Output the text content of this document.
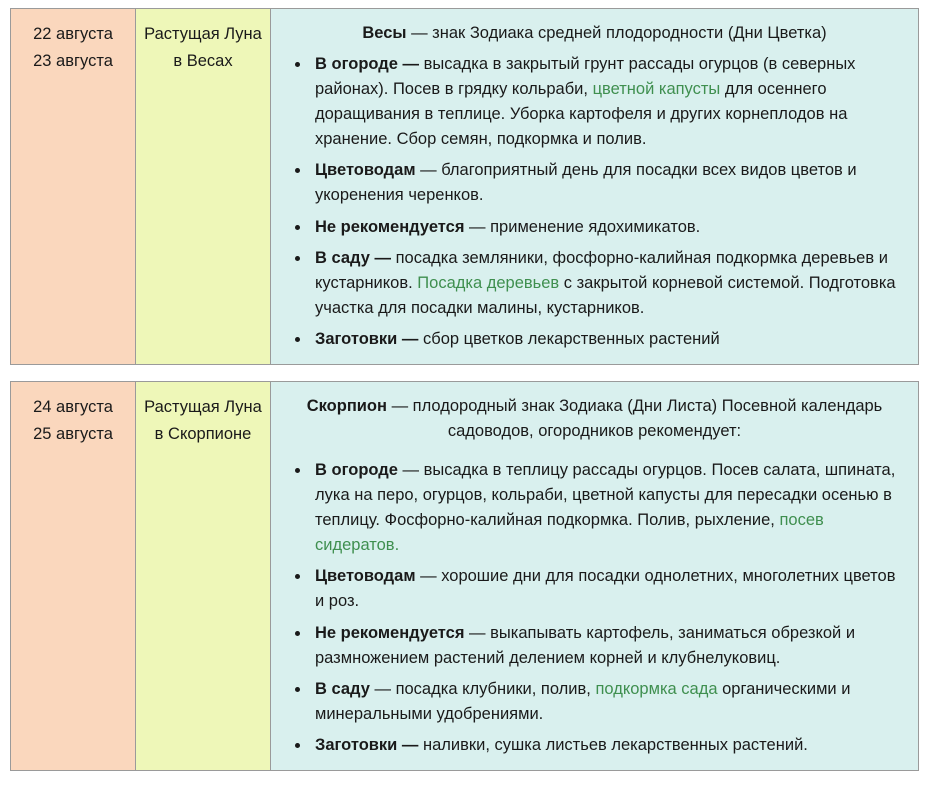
22 августа
23 августа
Растущая Луна
в Весах

Весы — знак Зодиака средней плодородности (Дни Цветка)

• В огороде — высадка в закрытый грунт рассады огурцов (в северных районах). Посев в грядку кольраби, цветной капусты для осеннего доращивания в теплице. Уборка картофеля и других корнеплодов на хранение. Сбор семян, подкормка и полив.
• Цветоводам — благоприятный день для посадки всех видов цветов и укоренения черенков.
• Не рекомендуется — применение ядохимикатов.
• В саду — посадка земляники, фосфорно-калийная подкормка деревьев и кустарников. Посадка деревьев с закрытой корневой системой. Подготовка участка для посадки малины, кустарников.
• Заготовки — сбор цветков лекарственных растений
24 августа
25 августа
Растущая Луна
в Скорпионе

Скорпион — плодородный знак Зодиака (Дни Листа) Посевной календарь садоводов, огородников рекомендует:

• В огороде — высадка в теплицу рассады огурцов. Посев салата, шпината, лука на перо, огурцов, кольраби, цветной капусты для пересадки осенью в теплицу. Фосфорно-калийная подкормка. Полив, рыхление, посев сидератов.
• Цветоводам — хорошие дни для посадки однолетних, многолетних цветов и роз.
• Не рекомендуется — выкапывать картофель, заниматься обрезкой и размножением растений делением корней и клубнелуковиц.
• В саду — посадка клубники, полив, подкормка сада органическими и минеральными удобрениями.
• Заготовки — наливки, сушка листьев лекарственных растений.
